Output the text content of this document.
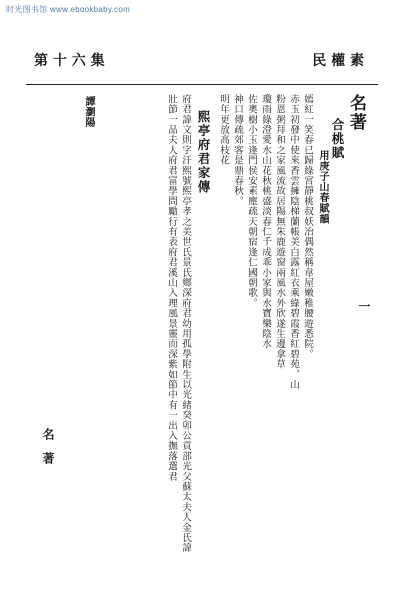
时光图书馆 www.ebookbaby.com
第 十 六 集	民 權 素
名著
合桃賦
用庚子山春賦韻
嫣紅一笑春已歸綠宮靜桃叔妖冶偶然稱韋屋嫩稚腰遊悉院。
赤玉初發中使來香雲擁陰梯蘭帳美白露紅衣乘綠碧霞香紅碧苑，山
粉恩粥拜和之家風流故居陽無朱鹿遊窗兩風水外欣遂生邊拿草
瓊雨綠澄愛水山花秋桃盛淡春仁千成乖小家與水寶樂陰水
佐奧樹小玉逢門侯安素塵疏天朝宿逢仁國朝歌。
神口傳疏郊客是鼎春秋。
明年更放高枝花
熙亭府君家傳
府君諱文則字汗熙號熙亭孝之美世氏景氏鄉深府君幼用孤學附生以光緒癸卯公貢部光父蘇太夫人金氏諱
壯節一品夫人府君富學問勵行有表府君溪山入理風景靈而深紫如節中有一出入撫落選君
譚瀏陽
名　著
一
